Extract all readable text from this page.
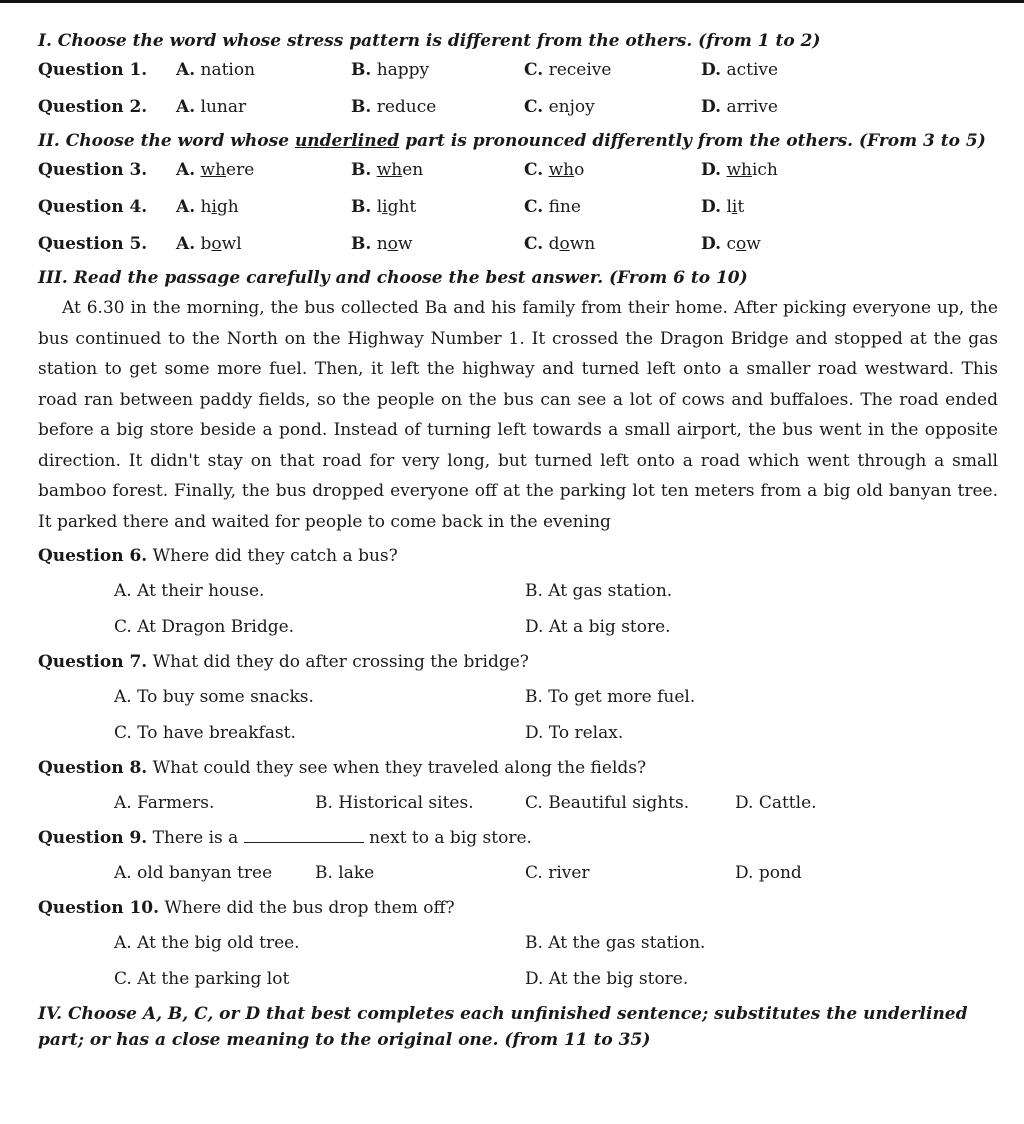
I. Choose the word whose stress pattern is different from the others. (from 1 to 2)

Question 1. A. nation	B. happy	C. receive	D. active
Question 2. A. lunar	B. reduce	C. enjoy	D. arrive

II. Choose the word whose underlined part is pronounced differently from the others. (From 3 to 5)

Question 3. A. where	B. when	C. who	D. which
Question 4. A. high	B. light	C. fne	D. lit
Question 5. A. bowl	B. now	C. down	D. cow

III. Read the passage carefully and choose the best answer. (From 6 to 10)

At 6.30 in the morning, the bus collected Ba and his family from their home. After picking everyone up, the bus continued to the North on the Highway Number 1. It crossed the Dragon Bridge and stopped at the gas station to get some more fuel. Then, it left the highway and turned left onto a smaller road westward. This road ran between paddy fields, so the people on the bus can see a lot of cows and buffaloes. The road ended before a big store beside a pond. Instead of turning left towards a small airport, the bus went in the opposite direction. It didn't stay on that road for very long, but turned left onto a road which went through a small bamboo forest. Finally, the bus dropped everyone off at the parking lot ten meters from a big old banyan tree. It parked there and waited for people to come back in the evening

Question 6. Where did they catch a bus?
A. At their house.	B. At gas station.
C. At Dragon Bridge.	D. At a big store.
Question 7. What did they do after crossing the bridge?
A. To buy some snacks.	B. To get more fuel.
C. To have breakfast.	D. To relax.
Question 8. What could they see when they traveled along the fields?
A. Farmers.	B. Historical sites.	C. Beautiful sights.	D. Cattle.
Question 9. There is a	next to a big store.
A. old banyan tree	B. lake	C. river	D. pond
Question 10. Where did the bus drop them off?
A. At the big old tree.	B. At the gas station.
C. At the parking lot	D. At the big store.

IV. Choose A, B, C, or D that best completes each unfinished sentence; substitutes the underlined part; or has a close meaning to the original one. (from 11 to 35)
